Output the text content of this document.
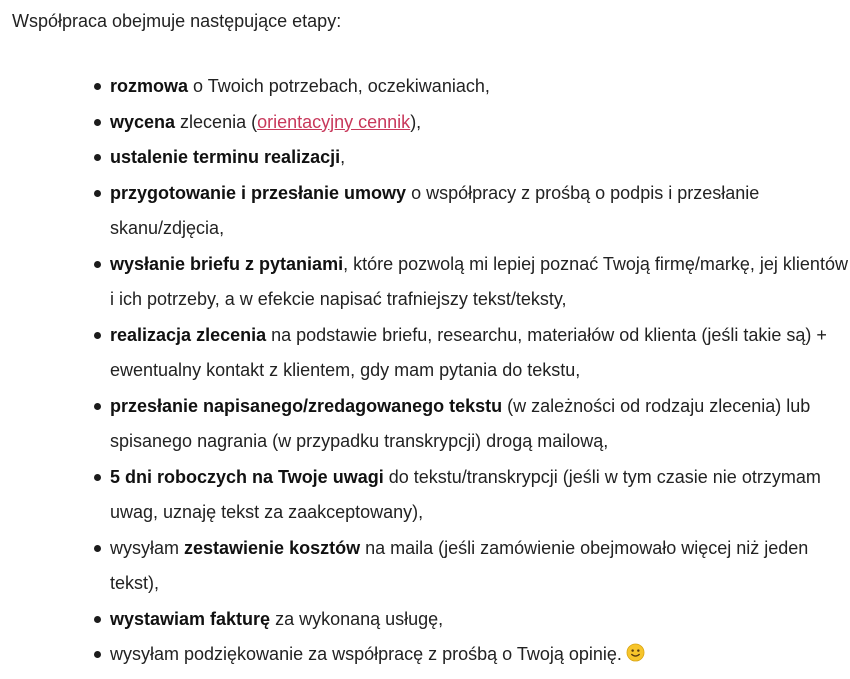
Współpraca obejmuje następujące etapy:

rozmowa o Twoich potrzebach, oczekiwaniach,
wycena zlecenia (orientacyjny cennik),
ustalenie terminu realizacji,
przygotowanie i przesłanie umowy o współpracy z prośbą o podpis i przesłanie skanu/zdjęcia,
wysłanie briefu z pytaniami, które pozwolą mi lepiej poznać Twoją firmę/markę, jej klientów i ich potrzeby, a w efekcie napisać trafniejszy tekst/teksty,
realizacja zlecenia na podstawie briefu, researchu, materiałów od klienta (jeśli takie są) + ewentualny kontakt z klientem, gdy mam pytania do tekstu,
przesłanie napisanego/zredagowanego tekstu (w zależności od rodzaju zlecenia) lub spisanego nagrania (w przypadku transkrypcji) drogą mailową,
5 dni roboczych na Twoje uwagi do tekstu/transkrypcji (jeśli w tym czasie nie otrzymam uwag, uznaję tekst za zaakceptowany),
wysyłam zestawienie kosztów na maila (jeśli zamówienie obejmowało więcej niż jeden tekst),
wystawiam fakturę za wykonaną usługę,
wysyłam podziękowanie za współpracę z prośbą o Twoją opinię.
